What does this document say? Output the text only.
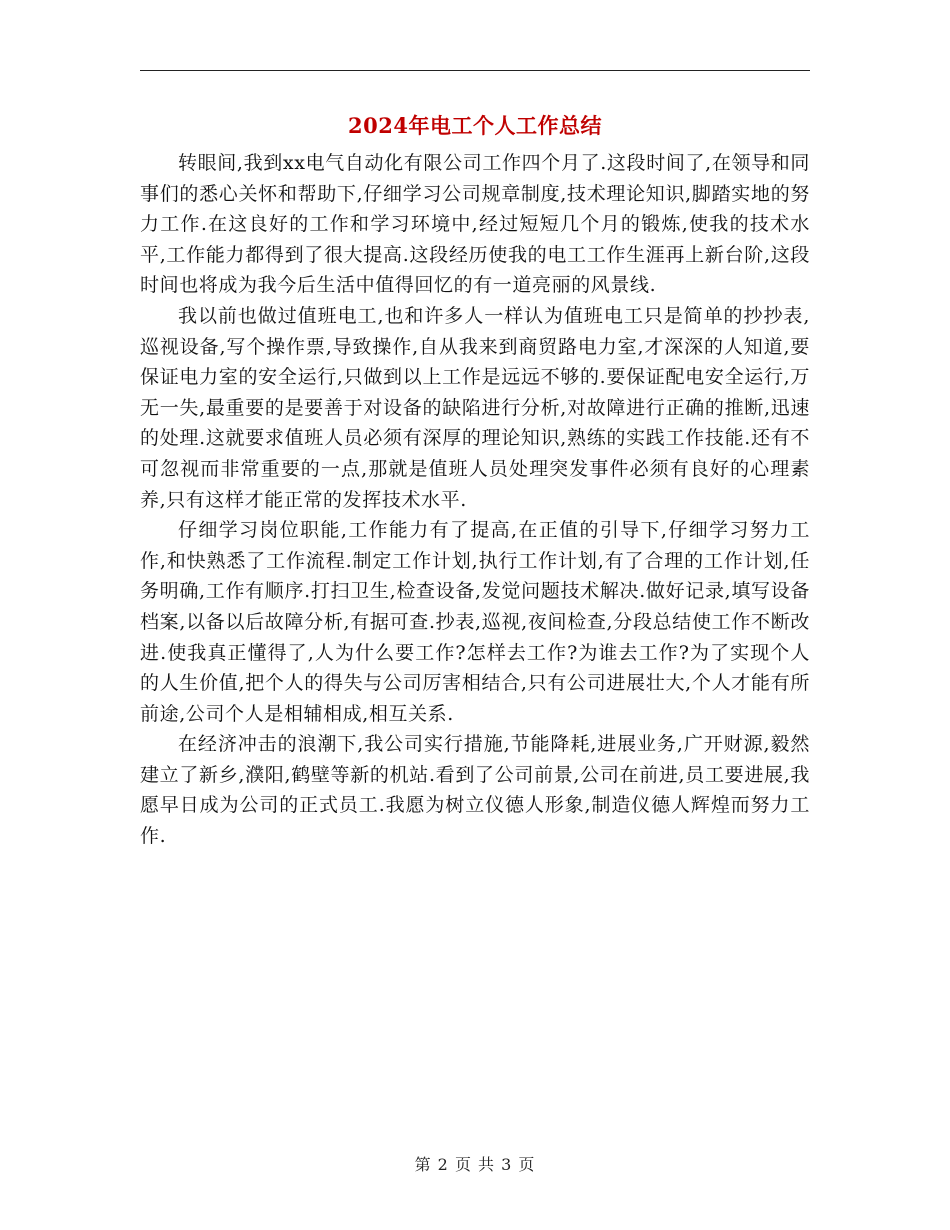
2024年电工个人工作总结

转眼间,我到xx电气自动化有限公司工作四个月了.这段时间了,在领导和同事们的悉心关怀和帮助下,仔细学习公司规章制度,技术理论知识,脚踏实地的努力工作.在这良好的工作和学习环境中,经过短短几个月的锻炼,使我的技术水平,工作能力都得到了很大提高.这段经历使我的电工工作生涯再上新台阶,这段时间也将成为我今后生活中值得回忆的有一道亮丽的风景线.

我以前也做过值班电工,也和许多人一样认为值班电工只是简单的抄抄表,巡视设备,写个操作票,导致操作,自从我来到商贸路电力室,才深深的人知道,要保证电力室的安全运行,只做到以上工作是远远不够的.要保证配电安全运行,万无一失,最重要的是要善于对设备的缺陷进行分析,对故障进行正确的推断,迅速的处理.这就要求值班人员必须有深厚的理论知识,熟练的实践工作技能.还有不可忽视而非常重要的一点,那就是值班人员处理突发事件必须有良好的心理素养,只有这样才能正常的发挥技术水平.

仔细学习岗位职能,工作能力有了提高,在正值的引导下,仔细学习努力工作,和快熟悉了工作流程.制定工作计划,执行工作计划,有了合理的工作计划,任务明确,工作有顺序.打扫卫生,检查设备,发觉问题技术解决.做好记录,填写设备档案,以备以后故障分析,有据可查.抄表,巡视,夜间检查,分段总结使工作不断改进.使我真正懂得了,人为什么要工作?怎样去工作?为谁去工作?为了实现个人的人生价值,把个人的得失与公司厉害相结合,只有公司进展壮大,个人才能有所前途,公司个人是相辅相成,相互关系.

在经济冲击的浪潮下,我公司实行措施,节能降耗,进展业务,广开财源,毅然建立了新乡,濮阳,鹤壁等新的机站.看到了公司前景,公司在前进,员工要进展,我愿早日成为公司的正式员工.我愿为树立仪德人形象,制造仪德人辉煌而努力工作.

第 2 页 共 3 页
